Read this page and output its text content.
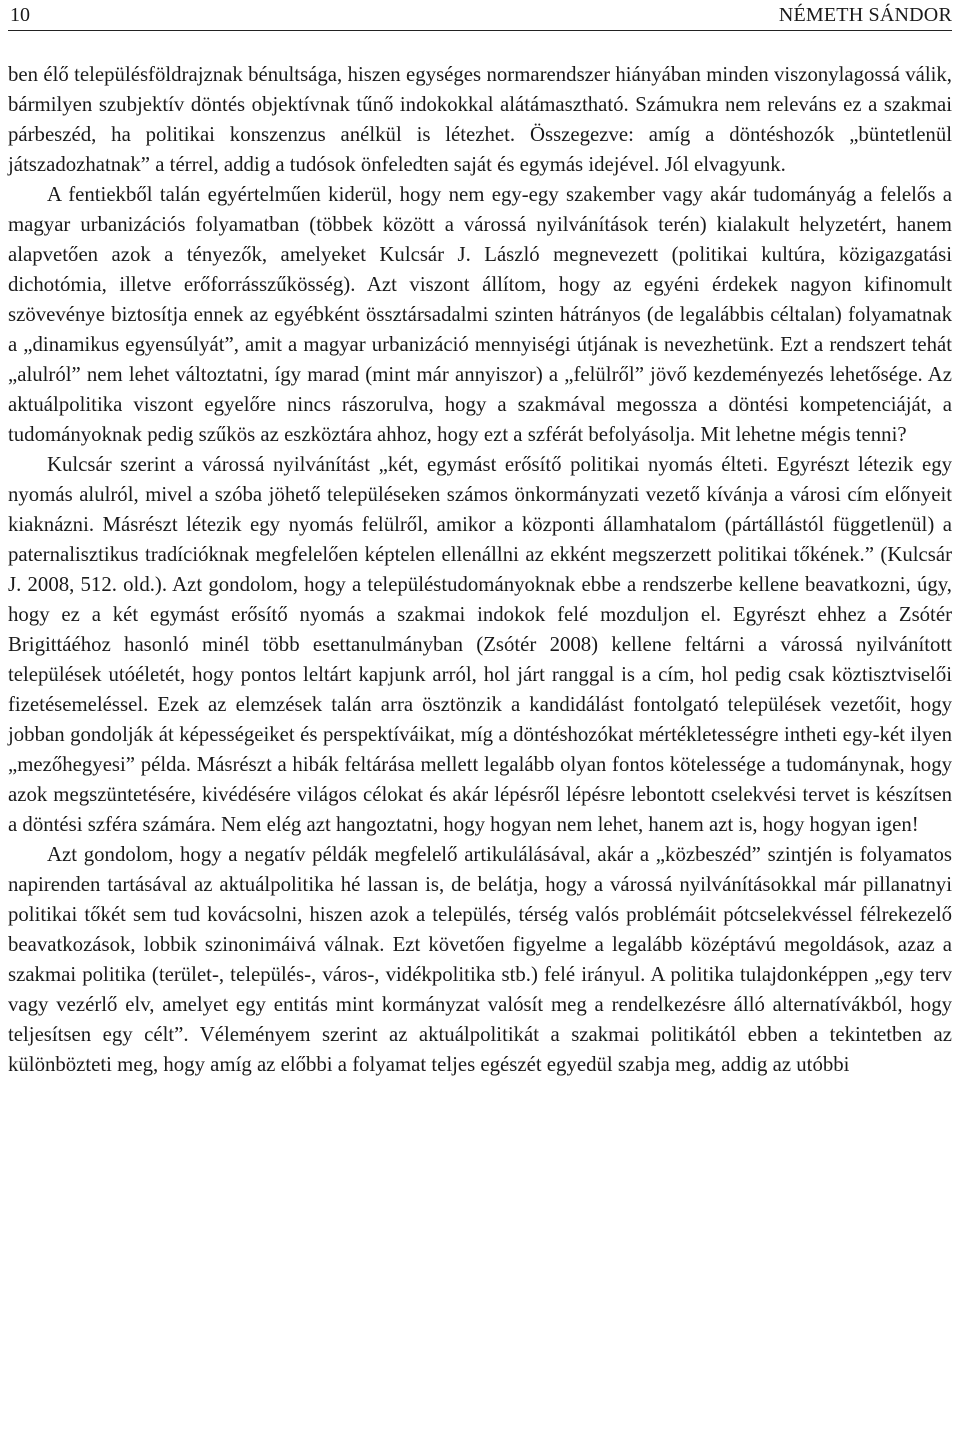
10	NÉMETH SÁNDOR

ben élő településföldrajznak bénultsága, hiszen egységes normarendszer hiányában minden viszonylagossá válik, bármilyen szubjektív döntés objektívnak tűnő indokokkal alátámasztható. Számukra nem releváns ez a szakmai párbeszéd, ha politikai konszenzus anélkül is létezhet. Összegezve: amíg a döntéshozók „büntetlenül játszadozhatnak” a térrel, addig a tudósok önfeledten saját és egymás idejével. Jól elvagyunk.

A fentiekből talán egyértelműen kiderül, hogy nem egy-egy szakember vagy akár tudományág a felelős a magyar urbanizációs folyamatban (többek között a várossá nyilvánítások terén) kialakult helyzetért, hanem alapvetően azok a tényezők, amelyeket Kulcsár J. László megnevezett (politikai kultúra, közigazgatási dichotómia, illetve erőforrásszűkösség). Azt viszont állítom, hogy az egyéni érdekek nagyon kifinomult szövevénye biztosítja ennek az egyébként össztársadalmi szinten hátrányos (de legalábbis céltalan) folyamatnak a „dinamikus egyensúlyát”, amit a magyar urbanizáció mennyiségi útjának is nevezhetünk. Ezt a rendszert tehát „alulról” nem lehet változtatni, így marad (mint már annyiszor) a „felülről” jövő kezdeményezés lehetősége. Az aktuálpolitika viszont egyelőre nincs rászorulva, hogy a szakmával megossza a döntési kompetenciáját, a tudományoknak pedig szűkös az eszköztára ahhoz, hogy ezt a szférát befolyásolja. Mit lehetne mégis tenni?

Kulcsár szerint a várossá nyilvánítást „két, egymást erősítő politikai nyomás élteti. Egyrészt létezik egy nyomás alulról, mivel a szóba jöhető településeken számos önkormányzati vezető kívánja a városi cím előnyeit kiaknázni. Másrészt létezik egy nyomás felülről, amikor a központi államhatalom (pártállástól függetlenül) a paternalisztikus tradícióknak megfelelően képtelen ellenállni az ekként megszerzett politikai tőkének.” (Kulcsár J. 2008, 512. old.). Azt gondolom, hogy a településtudományoknak ebbe a rendszerbe kellene beavatkozni, úgy, hogy ez a két egymást erősítő nyomás a szakmai indokok felé mozduljon el. Egyrészt ehhez a Zsótér Brigittáéhoz hasonló minél több esettanulmányban (Zsótér 2008) kellene feltárni a várossá nyilvánított települések utóéletét, hogy pontos leltárt kapjunk arról, hol járt ranggal is a cím, hol pedig csak köztisztviselői fizetésemeléssel. Ezek az elemzések talán arra ösztönzik a kandidálást fontolgató települések vezetőit, hogy jobban gondolják át képességeiket és perspektíváikat, míg a döntéshozókat mértékletességre intheti egy-két ilyen „mezőhegyesi” példa. Másrészt a hibák feltárása mellett legalább olyan fontos kötelessége a tudománynak, hogy azok megszüntetésére, kivédésére világos célokat és akár lépésről lépésre lebontott cselekvési tervet is készítsen a döntési szféra számára. Nem elég azt hangoztatni, hogy hogyan nem lehet, hanem azt is, hogy hogyan igen!

Azt gondolom, hogy a negatív példák megfelelő artikulálásával, akár a „közbeszéd” szintjén is folyamatos napirenden tartásával az aktuálpolitika hé lassan is, de belátja, hogy a várossá nyilvánításokkal már pillanatnyi politikai tőkét sem tud kovácsolni, hiszen azok a település, térség valós problémáit pótcselekvéssel félrekezelő beavatkozások, lobbik szinonimáivá válnak. Ezt követően figyelme a legalább középtávú megoldások, azaz a szakmai politika (terület-, település-, város-, vidékpolitika stb.) felé irányul. A politika tulajdonképpen „egy terv vagy vezérlő elv, amelyet egy entitás mint kormányzat valósít meg a rendelkezésre álló alternatívákból, hogy teljesítsen egy célt”. Véleményem szerint az aktuálpolitikát a szakmai politikától ebben a tekintetben az különbözteti meg, hogy amíg az előbbi a folyamat teljes egészét egyedül szabja meg, addig az utóbbi
